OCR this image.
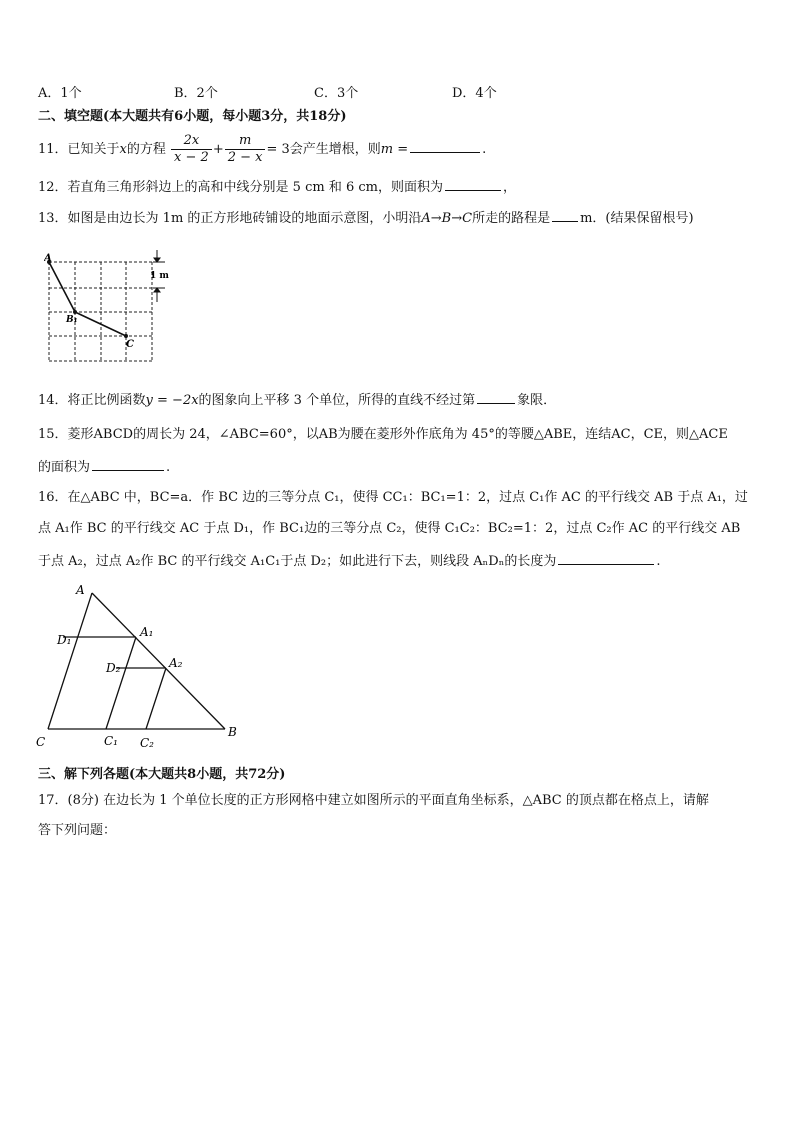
A．1个	B．2个	C．3个	D．4个
二、填空题(本大题共有6小题，每小题3分，共18分)
11．已知关于x的方程 $\frac{2x}{x - 2} + \frac{m}{2 - x} = 3$会产生增根，则m =	.
12．若直角三角形斜边上的高和中线分别是 5 cm 和 6 cm，则面积为	，
13．如图是由边长为 1m 的正方形地砖铺设的地面示意图，小明沿A→B→C所走的路程是 m．(结果保留根号)
A
B₁
C
1 m
14．将正比例函数y = −2x的图象向上平移 3 个单位，所得的直线不经过第	象限．
15．菱形ABCD的周长为 24，∠ABC=60°，以AB为腰在菱形外作底角为 45°的等腰△ABE，连结AC，CE，则△ACE
的面积为	.
16．在△ABC 中，BC=a．作 BC 边的三等分点 C₁，使得 CC₁：BC₁=1：2，过点 C₁作 AC 的平行线交 AB 于点 A₁，过
点 A₁作 BC 的平行线交 AC 于点 D₁，作 BC₁边的三等分点 C₂，使得 C₁C₂：BC₂=1：2，过点 C₂作 AC 的平行线交 AB
于点 A₂，过点 A₂作 BC 的平行线交 A₁C₁于点 D₂；如此进行下去，则线段 AₙDₙ的长度为	.
A
B
C
D₁
A₁
D₂	A₂
C₁ C₂
三、解下列各题(本大题共8小题，共72分)
17．(8分) 在边长为 1 个单位长度的正方形网格中建立如图所示的平面直角坐标系，△ABC 的顶点都在格点上，请解
答下列问题：
